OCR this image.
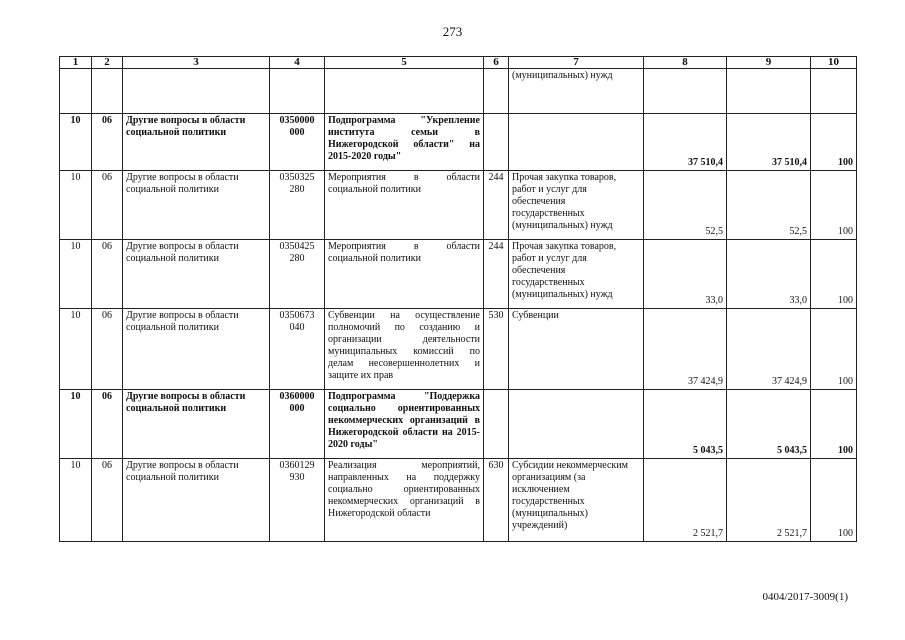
273
1	2	3	4	5	6	7	8	9	10
						(муниципальных) нужд			
10	06	Другие вопросы в области социальной политики	0350000 000	Подпрограмма "Укрепление института семьи в Нижегородской области" на 2015-2020 годы"			37 510,4	37 510,4	100
10	06	Другие вопросы в области социальной политики	0350325 280	Мероприятия в области социальной политики	244	Прочая закупка товаров, работ и услуг для обеспечения государственных (муниципальных) нужд	52,5	52,5	100
10	06	Другие вопросы в области социальной политики	0350425 280	Мероприятия в области социальной политики	244	Прочая закупка товаров, работ и услуг для обеспечения государственных (муниципальных) нужд	33,0	33,0	100
10	06	Другие вопросы в области социальной политики	0350673 040	Субвенции на осуществление полномочий по созданию и организации деятельности муниципальных комиссий по делам несовершеннолетних и защите их прав	530	Субвенции	37 424,9	37 424,9	100
10	06	Другие вопросы в области социальной политики	0360000 000	Подпрограмма "Поддержка социально ориентированных некоммерческих организаций в Нижегородской области на 2015-2020 годы"			5 043,5	5 043,5	100
10	06	Другие вопросы в области социальной политики	0360129 930	Реализация мероприятий, направленных на поддержку социально ориентированных некоммерческих организаций в Нижегородской области	630	Субсидии некоммерческим организациям (за исключением государственных (муниципальных) учреждений)	2 521,7	2 521,7	100
0404/2017-3009(1)
